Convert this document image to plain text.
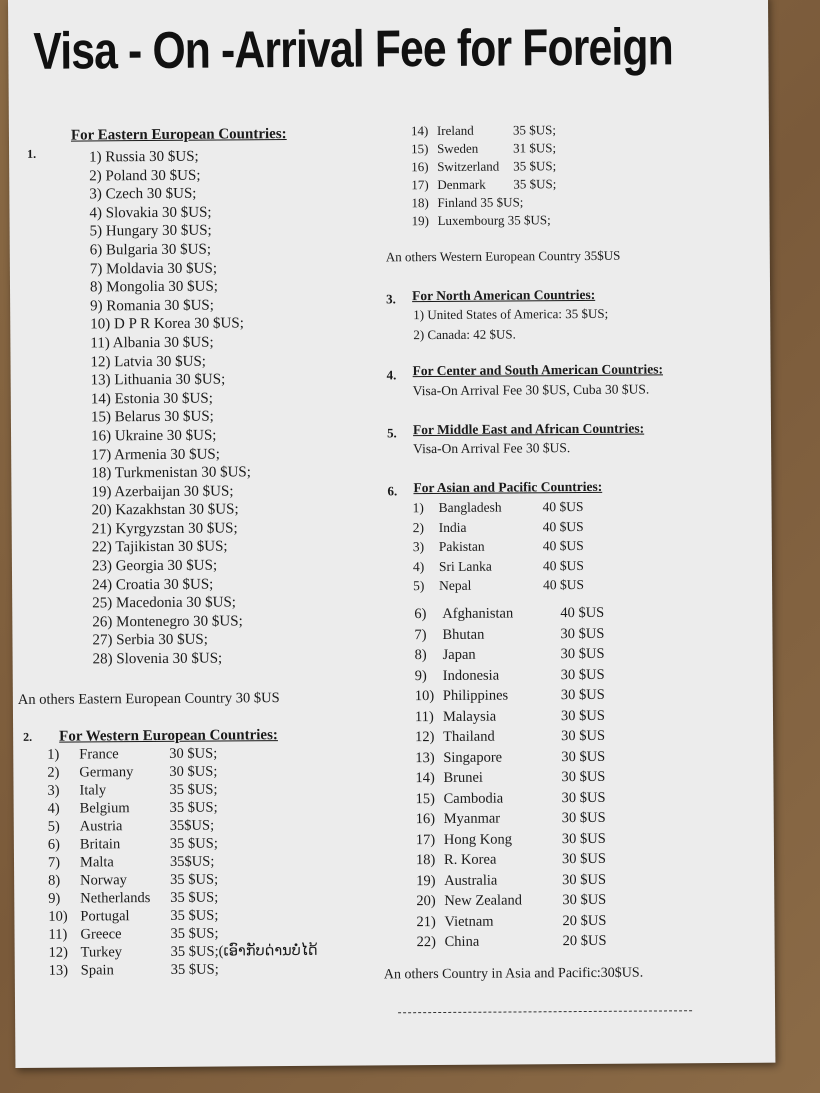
Visa - On -Arrival Fee for Foreign
1.
For Eastern European Countries:
1) Russia 30 $US;
2) Poland 30 $US;
3) Czech 30 $US;
4) Slovakia 30 $US;
5) Hungary 30 $US;
6) Bulgaria 30 $US;
7) Moldavia 30 $US;
8) Mongolia 30 $US;
9) Romania 30 $US;
10) D P R Korea 30 $US;
11) Albania 30 $US;
12) Latvia 30 $US;
13) Lithuania 30 $US;
14) Estonia 30 $US;
15) Belarus 30 $US;
16) Ukraine 30 $US;
17) Armenia 30 $US;
18) Turkmenistan 30 $US;
19) Azerbaijan 30 $US;
20) Kazakhstan 30 $US;
21) Kyrgyzstan 30 $US;
22) Tajikistan 30 $US;
23) Georgia 30 $US;
24) Croatia 30 $US;
25) Macedonia 30 $US;
26) Montenegro 30 $US;
27) Serbia 30 $US;
28) Slovenia 30 $US;
An others Eastern European Country 30 $US
2. For Western European Countries:
1)	France	30 $US;
2)	Germany	30 $US;
3)	Italy	35 $US;
4)	Belgium	35 $US;
5)	Austria	35$US;
6)	Britain	35 $US;
7)	Malta	35$US;
8)	Norway	35 $US;
9)	Netherlands	35 $US;
10) Portugal	35 $US;
11) Greece	35 $US;
12) Turkey	35 $US;(ເອົາກັບດ່ານບໍ່ໄດ້
13) Spain	35 $US;
14) Ireland	35 $US;
15) Sweden	31 $US;
16) Switzerland	35 $US;
17) Denmark	35 $US;
18) Finland 35 $US;
19) Luxembourg 35 $US;
An others Western European Country 35$US
3. For North American Countries:
1) United States of America: 35 $US;
2) Canada: 42 $US.
4. For Center and South American Countries:
Visa-On Arrival Fee 30 $US, Cuba 30 $US.
5. For Middle East and African Countries:
Visa-On Arrival Fee 30 $US.
6. For Asian and Pacific Countries:
1)	Bangladesh	40 $US
2)	India	40 $US
3)	Pakistan	40 $US
4)	Sri Lanka	40 $US
5)	Nepal	40 $US
6)	Afghanistan	40 $US
7)	Bhutan	30 $US
8)	Japan	30 $US
9)	Indonesia	30 $US
10) Philippines	30 $US
11) Malaysia	30 $US
12) Thailand	30 $US
13) Singapore	30 $US
14) Brunei	30 $US
15) Cambodia	30 $US
16) Myanmar	30 $US
17) Hong Kong	30 $US
18) R. Korea	30 $US
19) Australia	30 $US
20) New Zealand	30 $US
21) Vietnam	20 $US
22) China	20 $US
An others Country in Asia and Pacific:30$US.
